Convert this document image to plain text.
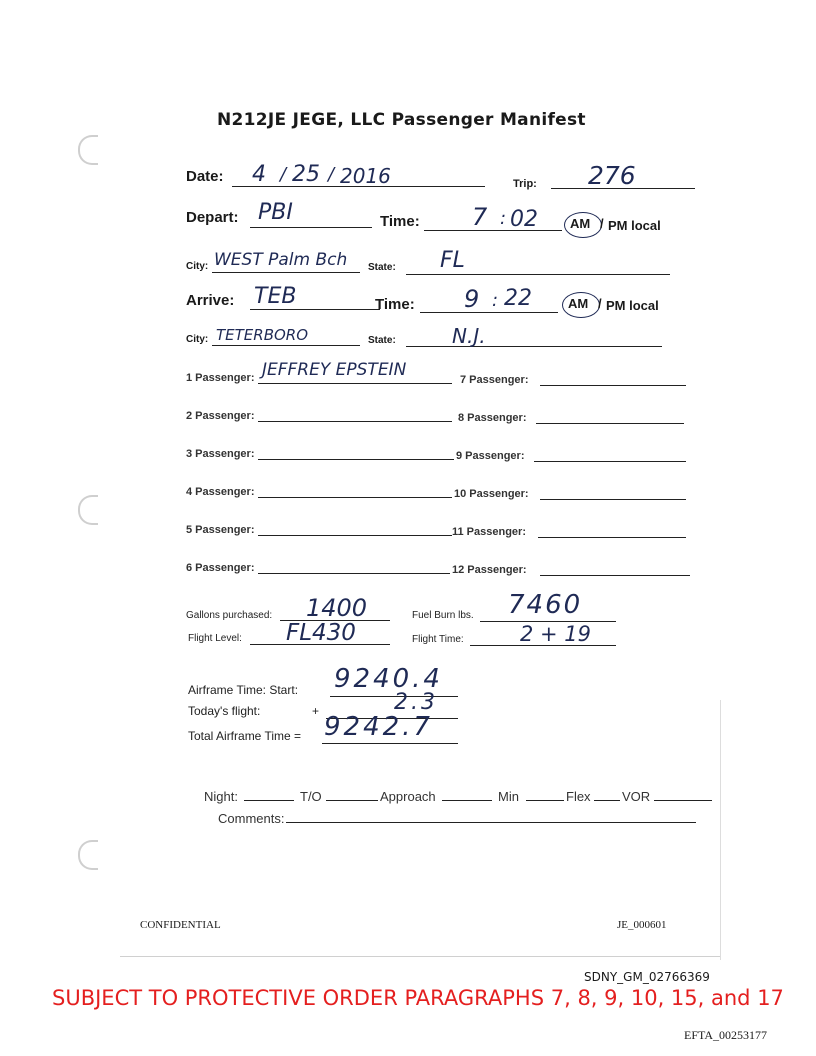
N212JE JEGE, LLC Passenger Manifest
Date: 4 / 25 / 2016	Trip: 276
Depart: PBI	Time: 7 : 02 AM / PM local
City: WEST Palm Bch State: FL
Arrive: TEB	Time: 9 : 22	AM / PM local
City: TETERBORO	State:	N.J.
1 Passenger: JEFFREY EPSTEIN
2 Passenger:
3 Passenger:
4 Passenger:
5 Passenger:
6 Passenger:
7 Passenger:
8 Passenger:
9 Passenger:
10 Passenger:
11 Passenger:
12 Passenger:
Gallons purchased: 1400	Fuel Burn lbs. 7460
Flight Level: FL430	Flight Time:	2 + 19
Airframe Time: Start: 9240.4
Today's flight:	+	2.3
Total Airframe Time = 9242.7
Night:	T/O	Approach	Min	Flex VOR
Comments:
CONFIDENTIAL	JE_000601
SDNY_GM_02766369
SUBJECT TO PROTECTIVE ORDER PARAGRAPHS 7, 8, 9, 10, 15, and 17
EFTA_00253177
